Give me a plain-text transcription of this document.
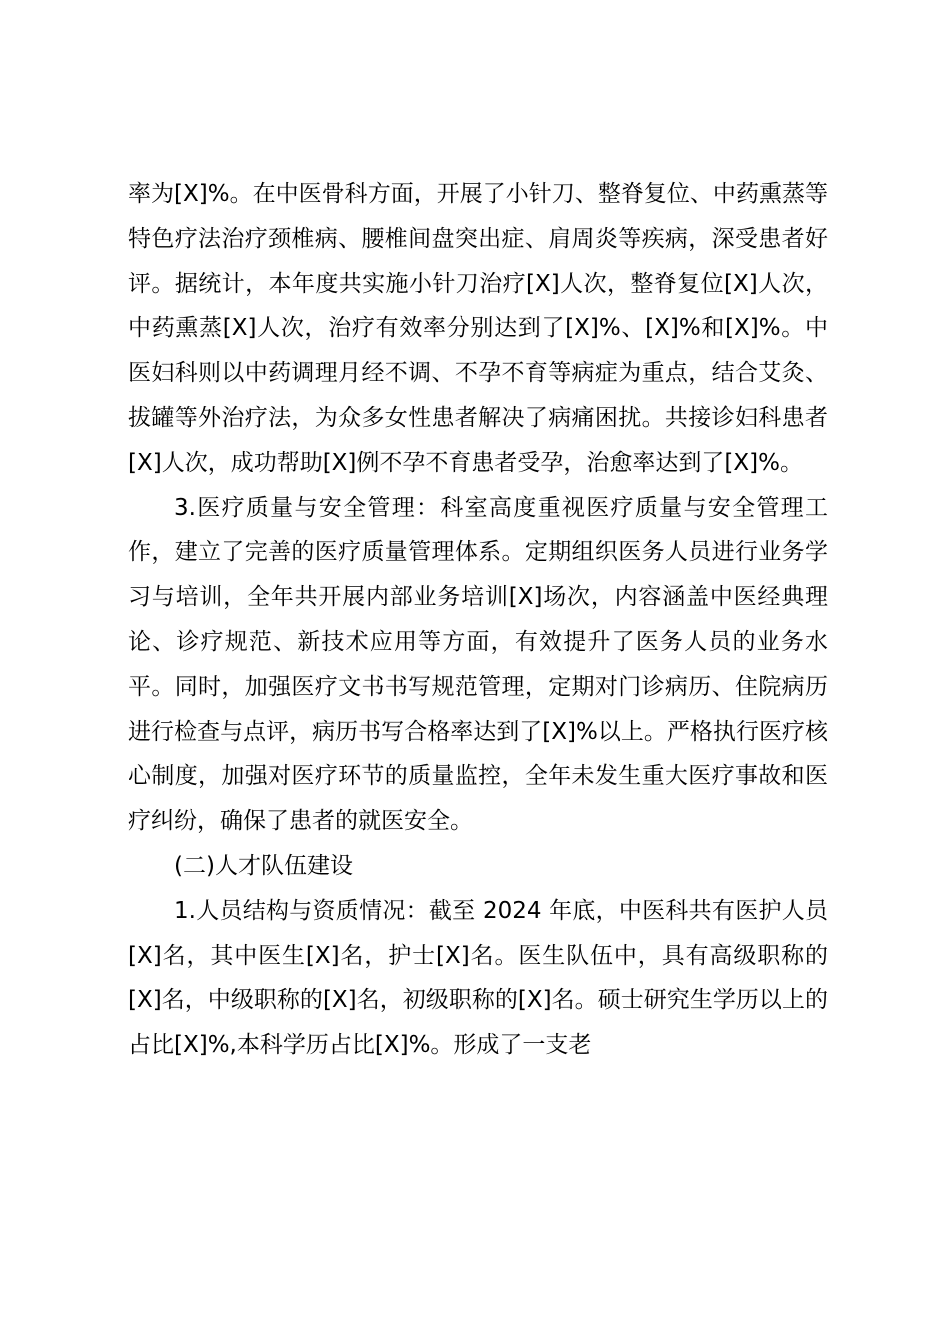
率为[X]%。在中医骨科方面，开展了小针刀、整脊复位、中药熏蒸等特色疗法治疗颈椎病、腰椎间盘突出症、肩周炎等疾病，深受患者好评。据统计，本年度共实施小针刀治疗[X]人次，整脊复位[X]人次，中药熏蒸[X]人次，治疗有效率分别达到了[X]%、[X]%和[X]%。中医妇科则以中药调理月经不调、不孕不育等病症为重点，结合艾灸、拔罐等外治疗法，为众多女性患者解决了病痛困扰。共接诊妇科患者[X]人次，成功帮助[X]例不孕不育患者受孕，治愈率达到了[X]%。

3.医疗质量与安全管理：科室高度重视医疗质量与安全管理工作，建立了完善的医疗质量管理体系。定期组织医务人员进行业务学习与培训，全年共开展内部业务培训[X]场次，内容涵盖中医经典理论、诊疗规范、新技术应用等方面，有效提升了医务人员的业务水平。同时，加强医疗文书书写规范管理，定期对门诊病历、住院病历进行检查与点评，病历书写合格率达到了[X]%以上。严格执行医疗核心制度，加强对医疗环节的质量监控，全年未发生重大医疗事故和医疗纠纷，确保了患者的就医安全。

(二)人才队伍建设

1.人员结构与资质情况：截至 2024 年底，中医科共有医护人员[X]名，其中医生[X]名，护士[X]名。医生队伍中，具有高级职称的[X]名，中级职称的[X]名，初级职称的[X]名。硕士研究生学历以上的占比[X]%,本科学历占比[X]%。形成了一支老
